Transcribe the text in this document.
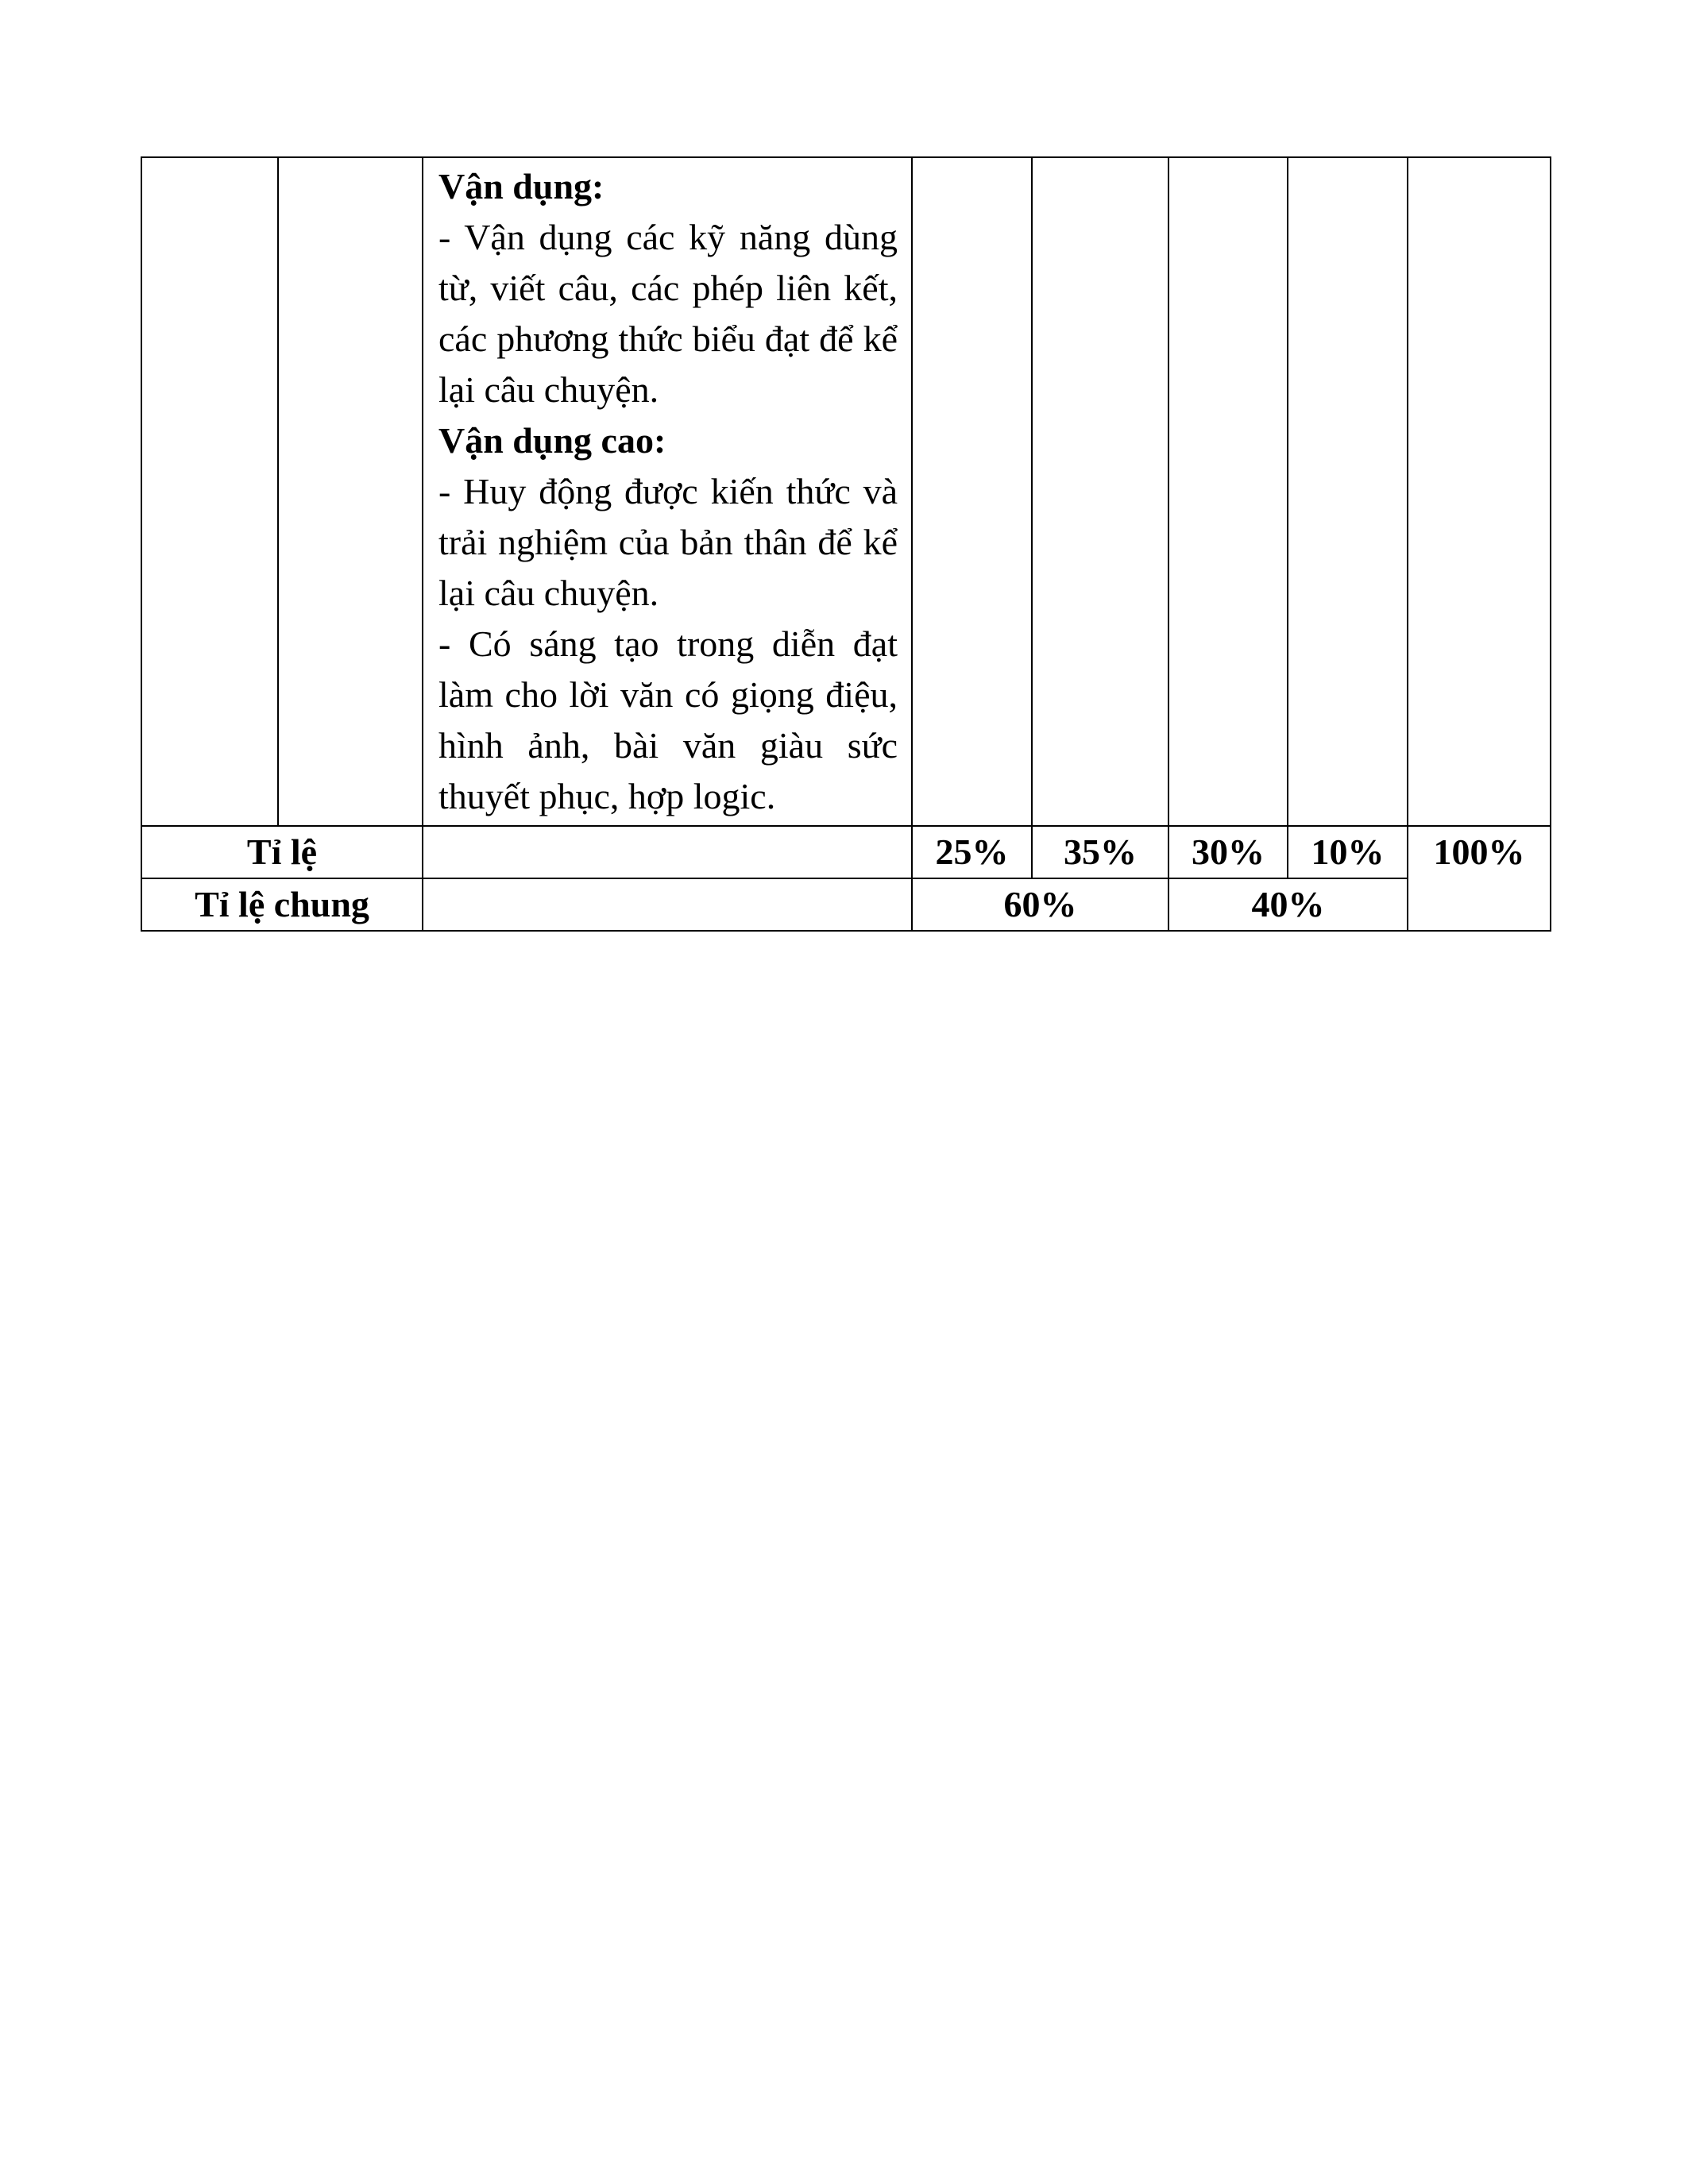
		Vận dụng:

- Vận dụng các kỹ năng dùng từ, viết câu, các phép liên kết, các phương thức biểu đạt để kể lại câu chuyện.

Vận dụng cao:

- Huy động được kiến thức và trải nghiệm của bản thân để kể lại câu chuyện.

- Có sáng tạo trong diễn đạt làm cho lời văn có giọng điệu, hình ảnh, bài văn giàu sức thuyết phục, hợp logic.					

Tỉ lệ			25%	35%	30%	10%	100%
Tỉ lệ chung			60%		40%		
